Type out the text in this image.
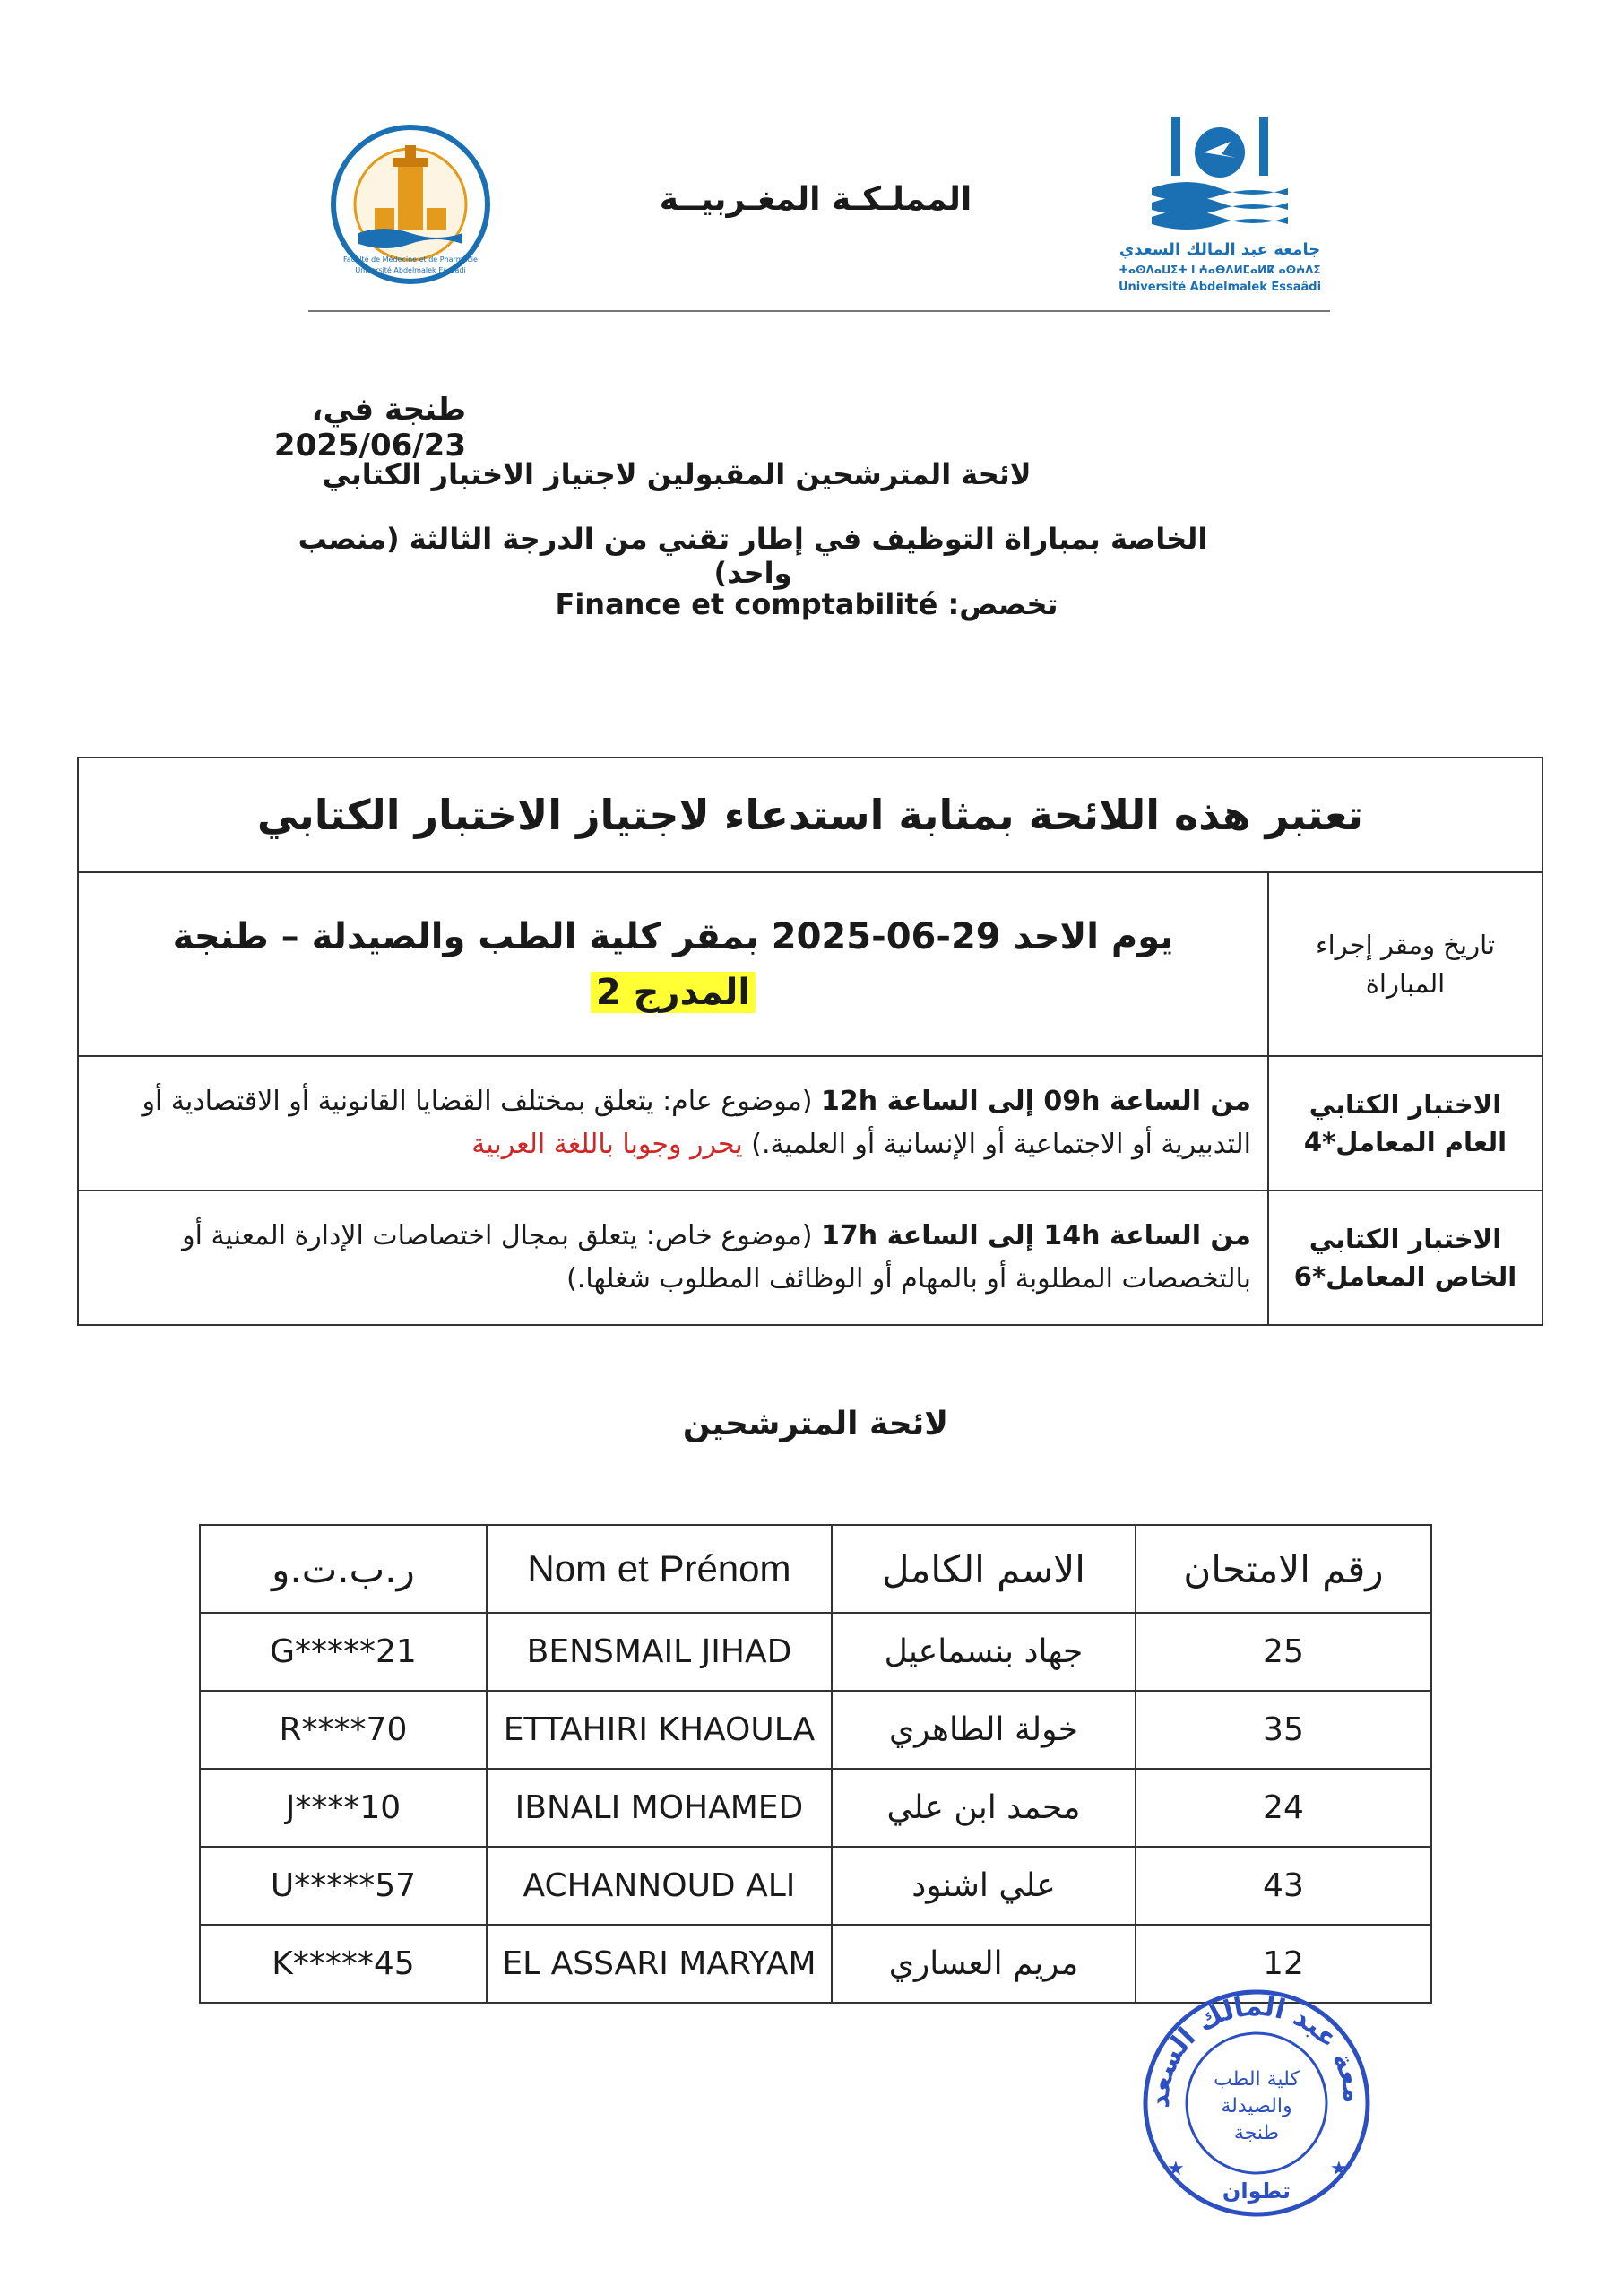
جامعة عبد المالك السعدي
ⵜⴰⵙⴷⴰⵡⵉⵜ ⵏ ⵄⴰⴱⴷⵍⵎⴰⵍⴽ ⴰⵙⵄⴷⵉ
Université Abdelmalek Essaâdi
المملـكـة المغـربيــة
Faculté de Médecine et de Pharmacie
Université Abdelmalek Essaâdi
طنجة في، 2025/06/23
لائحة المترشحين المقبولين لاجتياز الاختبار الكتابي
الخاصة بمباراة التوظيف في إطار تقني من الدرجة الثالثة (منصب واحد)
تخصص: Finance et comptabilité
تعتبر هذه اللائحة بمثابة استدعاء لاجتياز الاختبار الكتابي	
تاريخ ومقر إجراء المباراة	يوم الاحد 29-06-2025 بمقر كلية الطب والصيدلة – طنجة
المدرج 2

الاختبار الكتابي العام المعامل*4	من الساعة 09h إلى الساعة 12h (موضوع عام: يتعلق بمختلف القضايا القانونية أو الاقتصادية أو التدبيرية أو الاجتماعية أو الإنسانية أو العلمية.) يحرر وجوبا باللغة العربية
الاختبار الكتابي الخاص المعامل*6	من الساعة 14h إلى الساعة 17h (موضوع خاص: يتعلق بمجال اختصاصات الإدارة المعنية أو بالتخصصات المطلوبة أو بالمهام أو الوظائف المطلوب شغلها.)
لائحة المترشحين
ر.ب.ت.و	Nom et Prénom	الاسم الكامل	رقم الامتحان
G*****21	BENSMAIL JIHAD	جهاد بنسماعيل	25
R****70	ETTAHIRI KHAOULA	خولة الطاهري	35
J****10	IBNALI MOHAMED	محمد ابن علي	24
U*****57	ACHANNOUD ALI	علي اشنود	43
K*****45	EL ASSARI MARYAM	مريم العساري	12
معة عبد المالك السعد
كلية الطب
والصيدلة
طنجة
تطوان
★	★
